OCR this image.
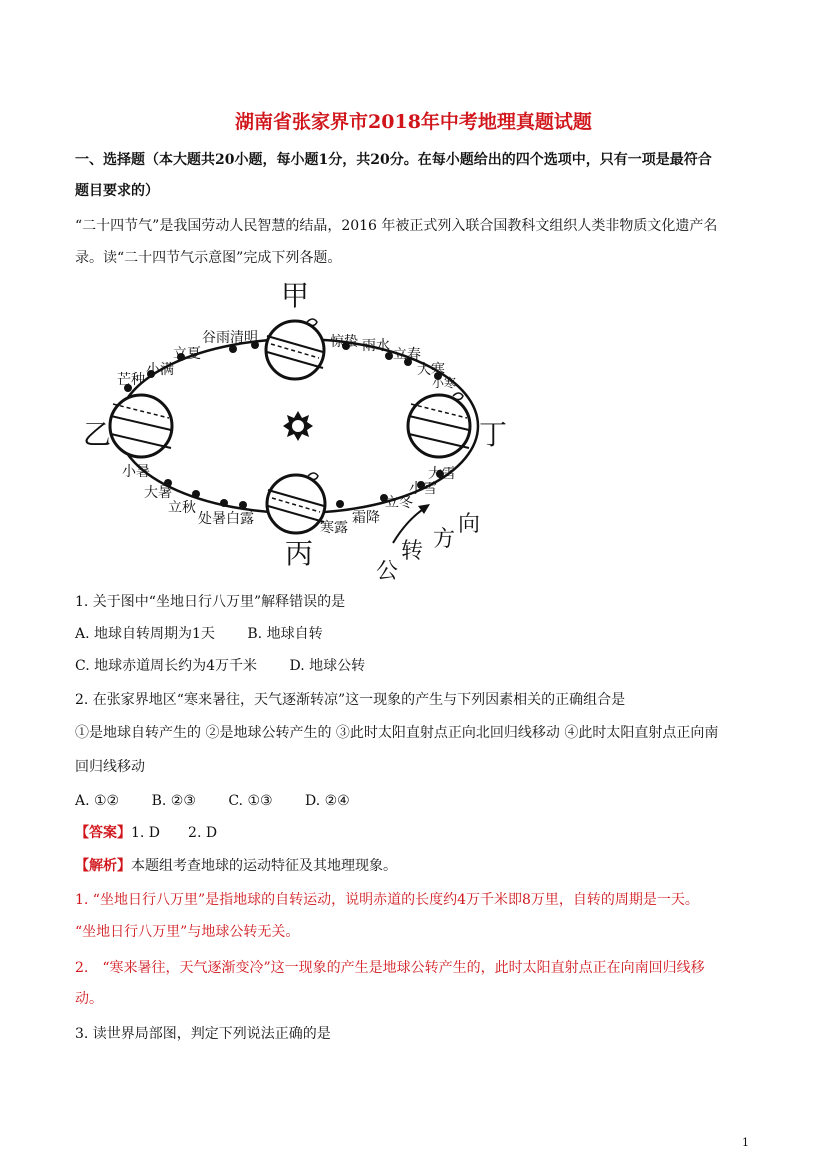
湖南省张家界市2018年中考地理真题试题
一、选择题（本大题共20小题，每小题1分，共20分。在每小题给出的四个选项中，只有一项是最符合
题目要求的）
“二十四节气”是我国劳动人民智慧的结晶，2016 年被正式列入联合国教科文组织人类非物质文化遗产名
录。读“二十四节气示意图”完成下列各题。
甲
乙
丙
丁
谷雨清明	惊蛰 雨水
立春
大寒
小寒
立夏
小满
芒种
小暑
大暑
立秋
处暑白露
寒露
霜降
立冬
小雪
大雪
公
转 方
向
1. 关于图中“坐地日行八万里”解释错误的是
A. 地球自转周期为1天 B. 地球自转
C. 地球赤道周长约为4万千米 D. 地球公转
2. 在张家界地区“寒来暑往，天气逐渐转凉”这一现象的产生与下列因素相关的正确组合是
①是地球自转产生的 ②是地球公转产生的 ③此时太阳直射点正向北回归线移动 ④此时太阳直射点正向南
回归线移动
A. ①② B. ②③ C. ①③ D. ②④
【答案】1. D　　2. D
【解析】本题组考查地球的运动特征及其地理现象。
1. “坐地日行八万里”是指地球的自转运动，说明赤道的长度约4万千米即8万里，自转的周期是一天。
“坐地日行八万里”与地球公转无关。
2.　“寒来暑往，天气逐渐变冷”这一现象的产生是地球公转产生的，此时太阳直射点正在向南回归线移
动。
3. 读世界局部图，判定下列说法正确的是
1
